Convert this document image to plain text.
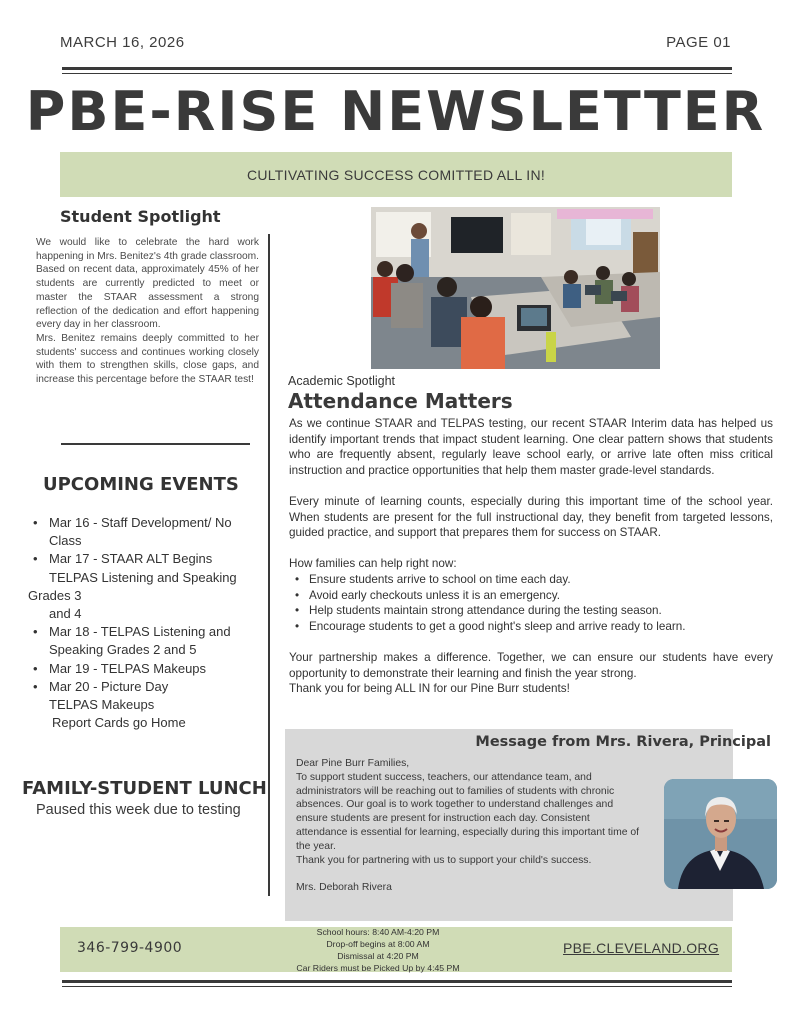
MARCH 16, 2026	PAGE 01
PBE-RISE NEWSLETTER
CULTIVATING SUCCESS COMITTED ALL IN!
Student Spotlight

We would like to celebrate the hard work happening in Mrs. Benitez's 4th grade classroom. Based on recent data, approximately 45% of her students are currently predicted to meet or master the STAAR assessment a strong reflection of the dedication and effort happening every day in her classroom.

Mrs. Benitez remains deeply committed to her students' success and continues working closely with them to strengthen skills, close gaps, and increase this percentage before the STAAR test!

UPCOMING EVENTS
• Mar 16 - Staff Development/ No
Class
• Mar 17 - STAAR ALT Begins
TELPAS Listening and Speaking
Grades 3
and 4
• Mar 18 - TELPAS Listening and
Speaking Grades 2 and 5
• Mar 19 - TELPAS Makeups
• Mar 20 - Picture Day
TELPAS Makeups
Report Cards go Home
FAMILY-STUDENT LUNCH
Paused this week due to testing
Academic Spotlight
Attendance Matters

As we continue STAAR and TELPAS testing, our recent STAAR Interim data has helped us identify important trends that impact student learning. One clear pattern shows that students who are frequently absent, regularly leave school early, or arrive late often miss critical instruction and practice opportunities that help them master grade-level standards.

Every minute of learning counts, especially during this important time of the school year. When students are present for the full instructional day, they benefit from targeted lessons, guided practice, and support that prepares them for success on STAAR.

How families can help right now:

• Ensure students arrive to school on time each day.
• Avoid early checkouts unless it is an emergency.
• Help students maintain strong attendance during the testing season.
• Encourage students to get a good night's sleep and arrive ready to learn.

Your partnership makes a difference. Together, we can ensure our students have every opportunity to demonstrate their learning and finish the year strong.

Thank you for being ALL IN for our Pine Burr students!

Message from Mrs. Rivera, Principal

Dear Pine Burr Families,

To support student success, teachers, our attendance team, and administrators will be reaching out to families of students with chronic absences. Our goal is to work together to understand challenges and ensure students are present for instruction each day. Consistent attendance is essential for learning, especially during this important time of the year.

Thank you for partnering with us to support your child's success.

Mrs. Deborah Rivera

346-799-4900
School hours: 8:40 AM-4:20 PM
Drop-off begins at 8:00 AM
Dismissal at 4:20 PM
Car Riders must be Picked Up by 4:45 PM
PBE.CLEVELAND.ORG
